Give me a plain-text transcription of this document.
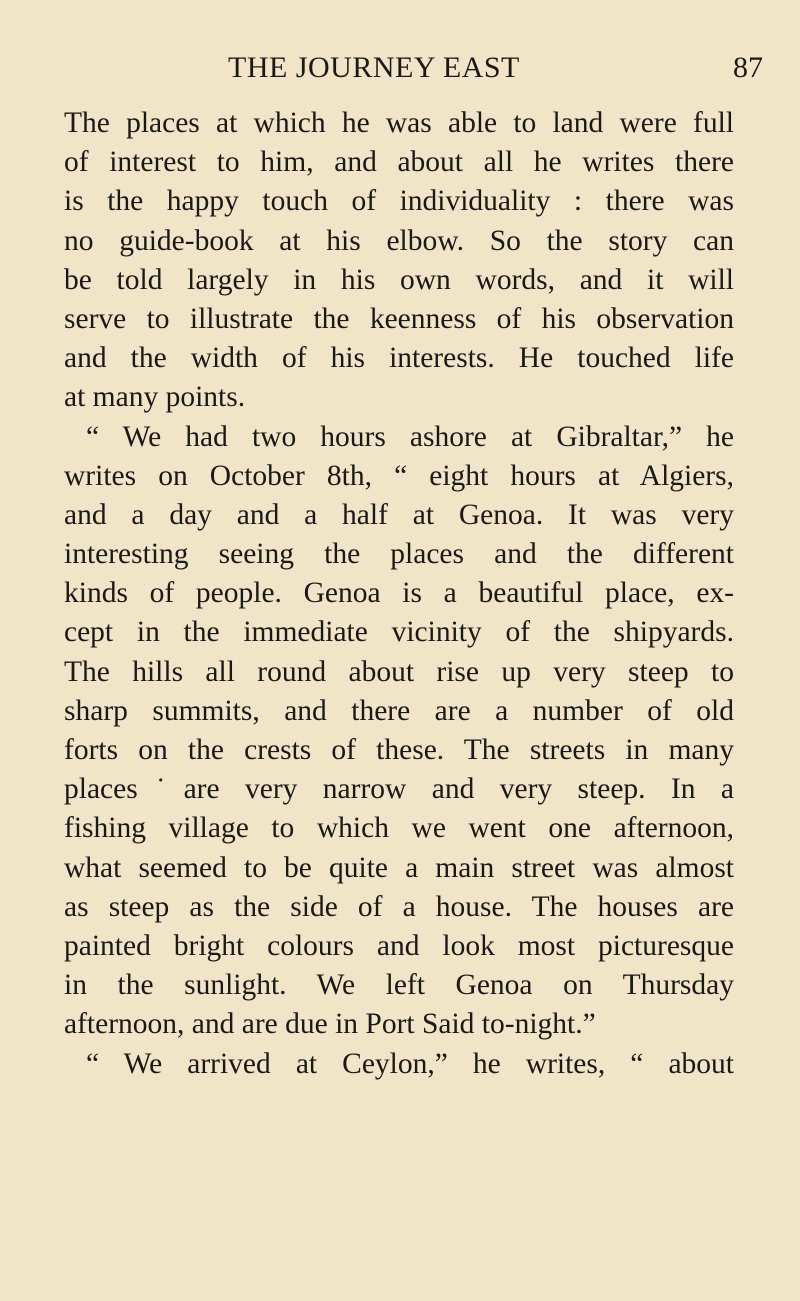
THE JOURNEY EAST	87
The places at which he was able to land were full
of interest to him, and about all he writes there
is the happy touch of individuality : there was
no guide-book at his elbow. So the story can
be told largely in his own words, and it will
serve to illustrate the keenness of his observation
and the width of his interests. He touched life
at many points.
“ We had two hours ashore at Gibraltar,” he
writes on October 8th, “ eight hours at Algiers,
and a day and a half at Genoa. It was very
interesting seeing the places and the different
kinds of people. Genoa is a beautiful place, ex-
cept in the immediate vicinity of the shipyards.
The hills all round about rise up very steep to
sharp summits, and there are a number of old
forts on the crests of these. The streets in many
places˙are very narrow and very steep. In a
fishing village to which we went one afternoon,
what seemed to be quite a main street was almost
as steep as the side of a house. The houses are
painted bright colours and look most picturesque
in the sunlight. We left Genoa on Thursday
afternoon, and are due in Port Said to-night.”
“ We arrived at Ceylon,” he writes, “ about
